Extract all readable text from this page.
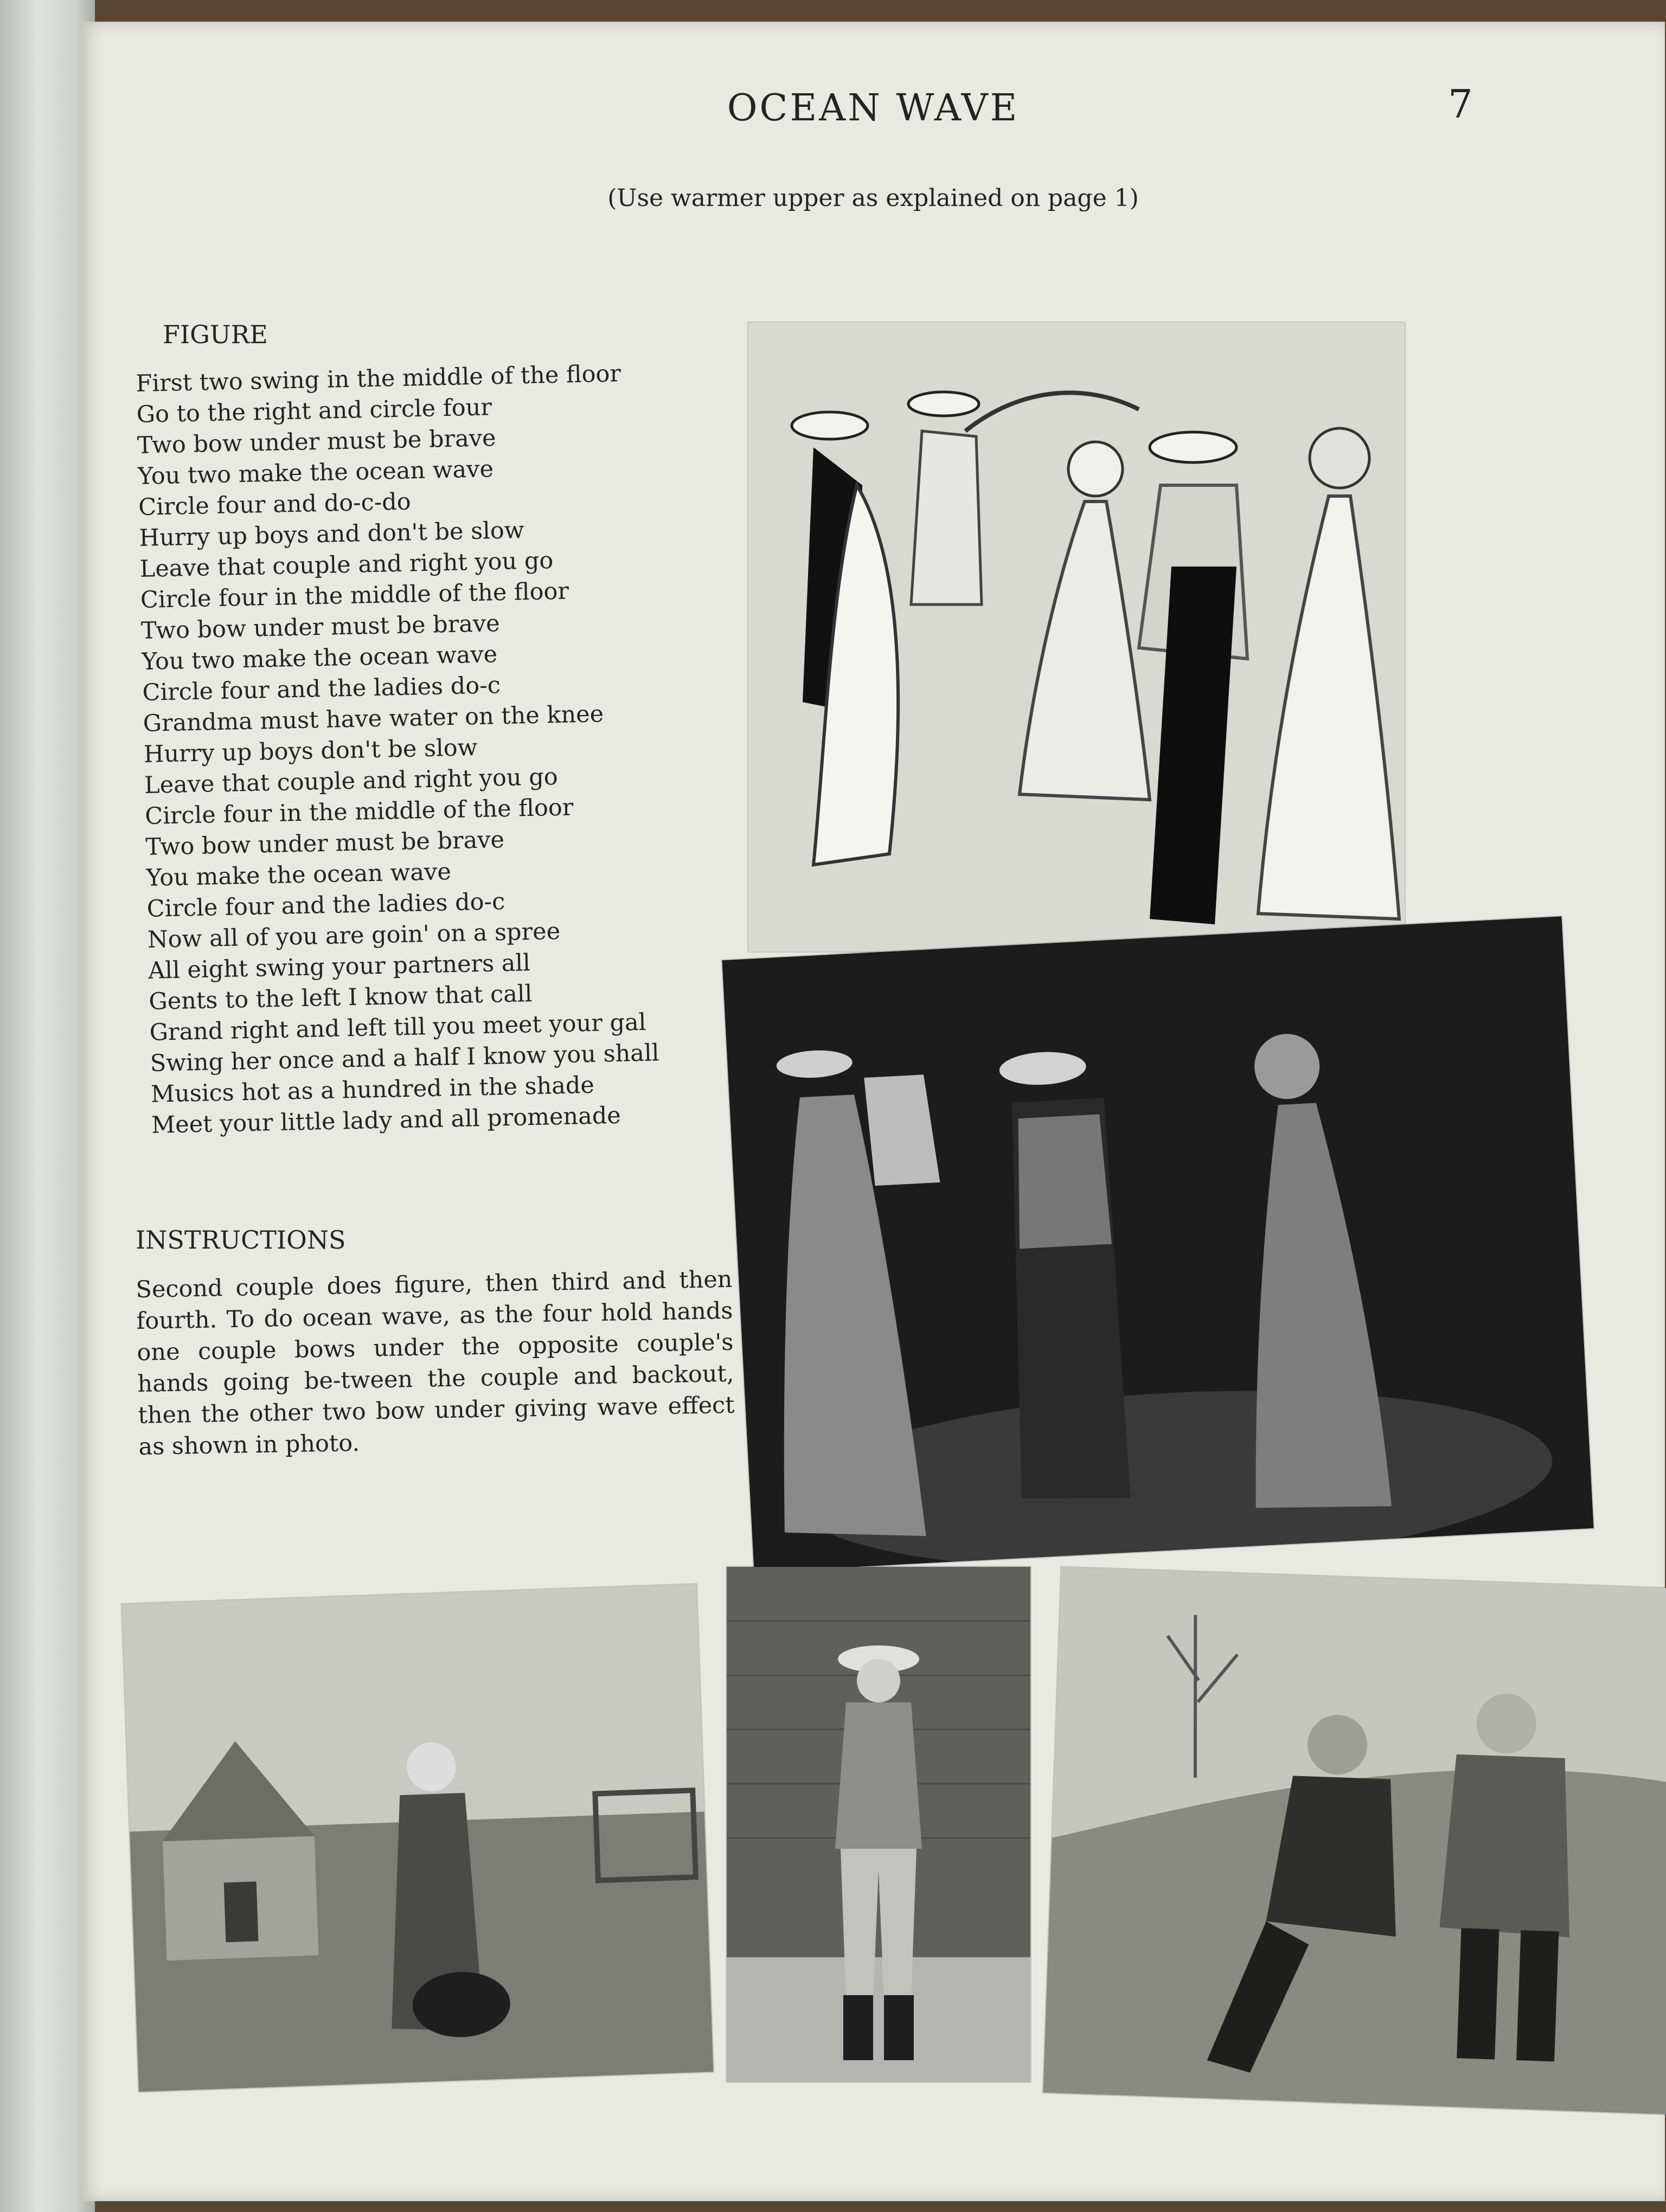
OCEAN WAVE	7
(Use warmer upper as explained on page 1)
FIGURE
First two swing in the middle of the floor
Go to the right and circle four
Two bow under must be brave
You two make the ocean wave
Circle four and do-c-do
Hurry up boys and don't be slow
Leave that couple and right you go
Circle four in the middle of the floor
Two bow under must be brave
You two make the ocean wave
Circle four and the ladies do-c
Grandma must have water on the knee
Hurry up boys don't be slow
Leave that couple and right you go
Circle four in the middle of the floor
Two bow under must be brave
You make the ocean wave
Circle four and the ladies do-c
Now all of you are goin' on a spree
All eight swing your partners all
Gents to the left I know that call
Grand right and left till you meet your gal
Swing her once and a half I know you shall
Musics hot as a hundred in the shade
Meet your little lady and all promenade
INSTRUCTIONS
Second couple does figure, then third and then fourth. To do ocean wave, as the four hold hands one couple bows under the opposite couple's hands going be-tween the couple and backout, then the other two bow under giving wave effect as shown in photo.
